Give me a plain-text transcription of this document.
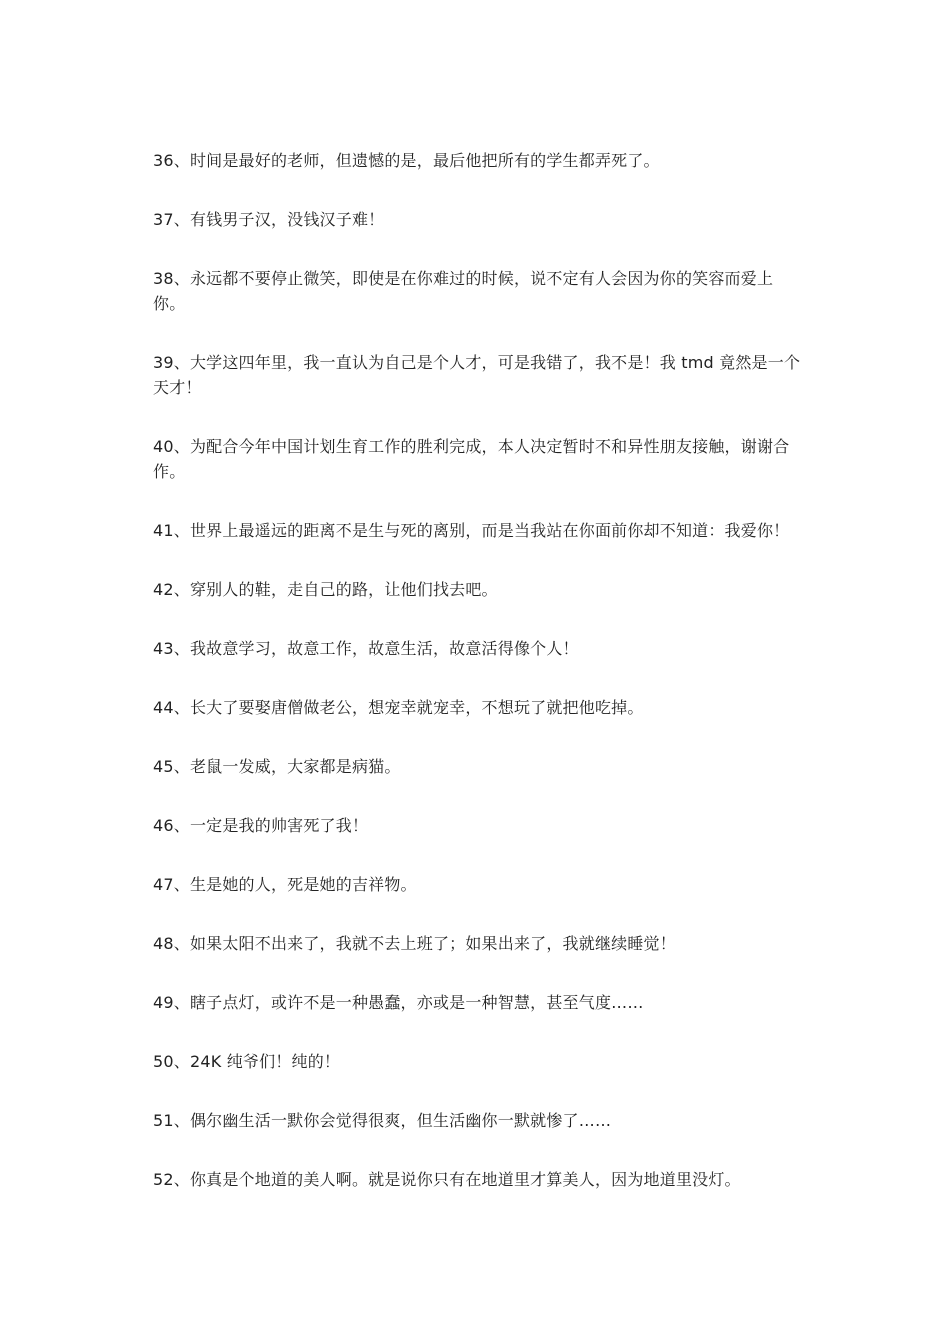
36、时间是最好的老师，但遗憾的是，最后他把所有的学生都弄死了。

37、有钱男子汉，没钱汉子难！

38、永远都不要停止微笑，即使是在你难过的时候，说不定有人会因为你的笑容而爱上你。

39、大学这四年里，我一直认为自己是个人才，可是我错了，我不是！我 tmd 竟然是一个天才！

40、为配合今年中国计划生育工作的胜利完成，本人决定暂时不和异性朋友接触，谢谢合作。

41、世界上最遥远的距离不是生与死的离别，而是当我站在你面前你却不知道：我爱你！

42、穿别人的鞋，走自己的路，让他们找去吧。

43、我故意学习，故意工作，故意生活，故意活得像个人！

44、长大了要娶唐僧做老公，想宠幸就宠幸，不想玩了就把他吃掉。

45、老鼠一发威，大家都是病猫。

46、一定是我的帅害死了我！

47、生是她的人，死是她的吉祥物。

48、如果太阳不出来了，我就不去上班了；如果出来了，我就继续睡觉！

49、瞎子点灯，或许不是一种愚蠢，亦或是一种智慧，甚至气度……

50、24K 纯爷们！纯的！

51、偶尔幽生活一默你会觉得很爽，但生活幽你一默就惨了……

52、你真是个地道的美人啊。就是说你只有在地道里才算美人，因为地道里没灯。
